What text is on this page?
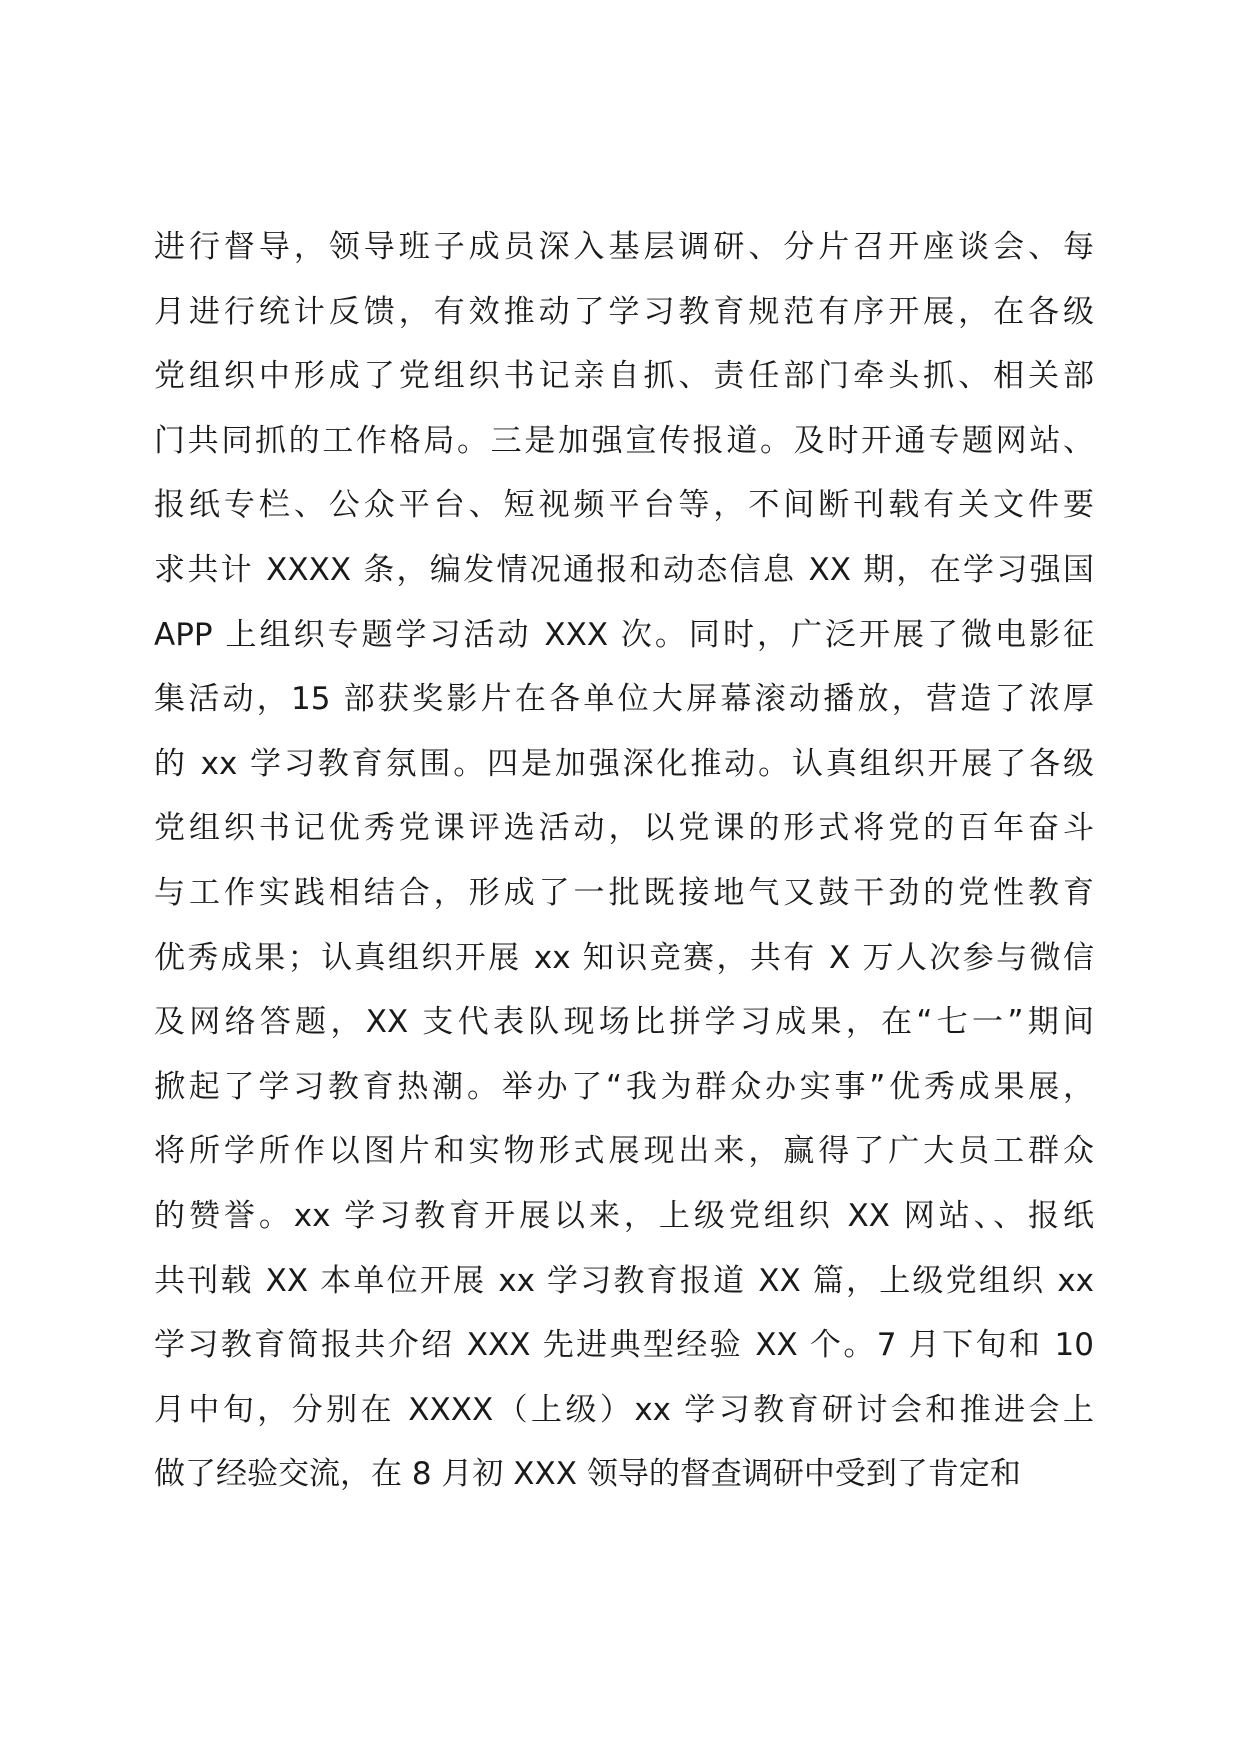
进行督导，领导班子成员深入基层调研、分片召开座谈会、每
月进行统计反馈，有效推动了学习教育规范有序开展，在各级
党组织中形成了党组织书记亲自抓、责任部门牵头抓、相关部
门共同抓的工作格局。三是加强宣传报道。及时开通专题网站、
报纸专栏、公众平台、短视频平台等，不间断刊载有关文件要
求共计 XXXX 条，编发情况通报和动态信息 XX 期，在学习强国
APP 上组织专题学习活动 XXX 次。同时，广泛开展了微电影征
集活动，15 部获奖影片在各单位大屏幕滚动播放，营造了浓厚
的 xx 学习教育氛围。四是加强深化推动。认真组织开展了各级
党组织书记优秀党课评选活动，以党课的形式将党的百年奋斗
与工作实践相结合，形成了一批既接地气又鼓干劲的党性教育
优秀成果；认真组织开展 xx 知识竞赛，共有 X 万人次参与微信
及网络答题，XX 支代表队现场比拼学习成果，在“七一”期间
掀起了学习教育热潮。举办了“我为群众办实事”优秀成果展，
将所学所作以图片和实物形式展现出来，赢得了广大员工群众
的赞誉。xx 学习教育开展以来，上级党组织 XX 网站、、报纸
共刊载 XX 本单位开展 xx 学习教育报道 XX 篇，上级党组织 xx
学习教育简报共介绍 XXX 先进典型经验 XX 个。7 月下旬和 10
月中旬，分别在 XXXX（上级）xx 学习教育研讨会和推进会上
做了经验交流，在 8 月初 XXX 领导的督查调研中受到了肯定和
